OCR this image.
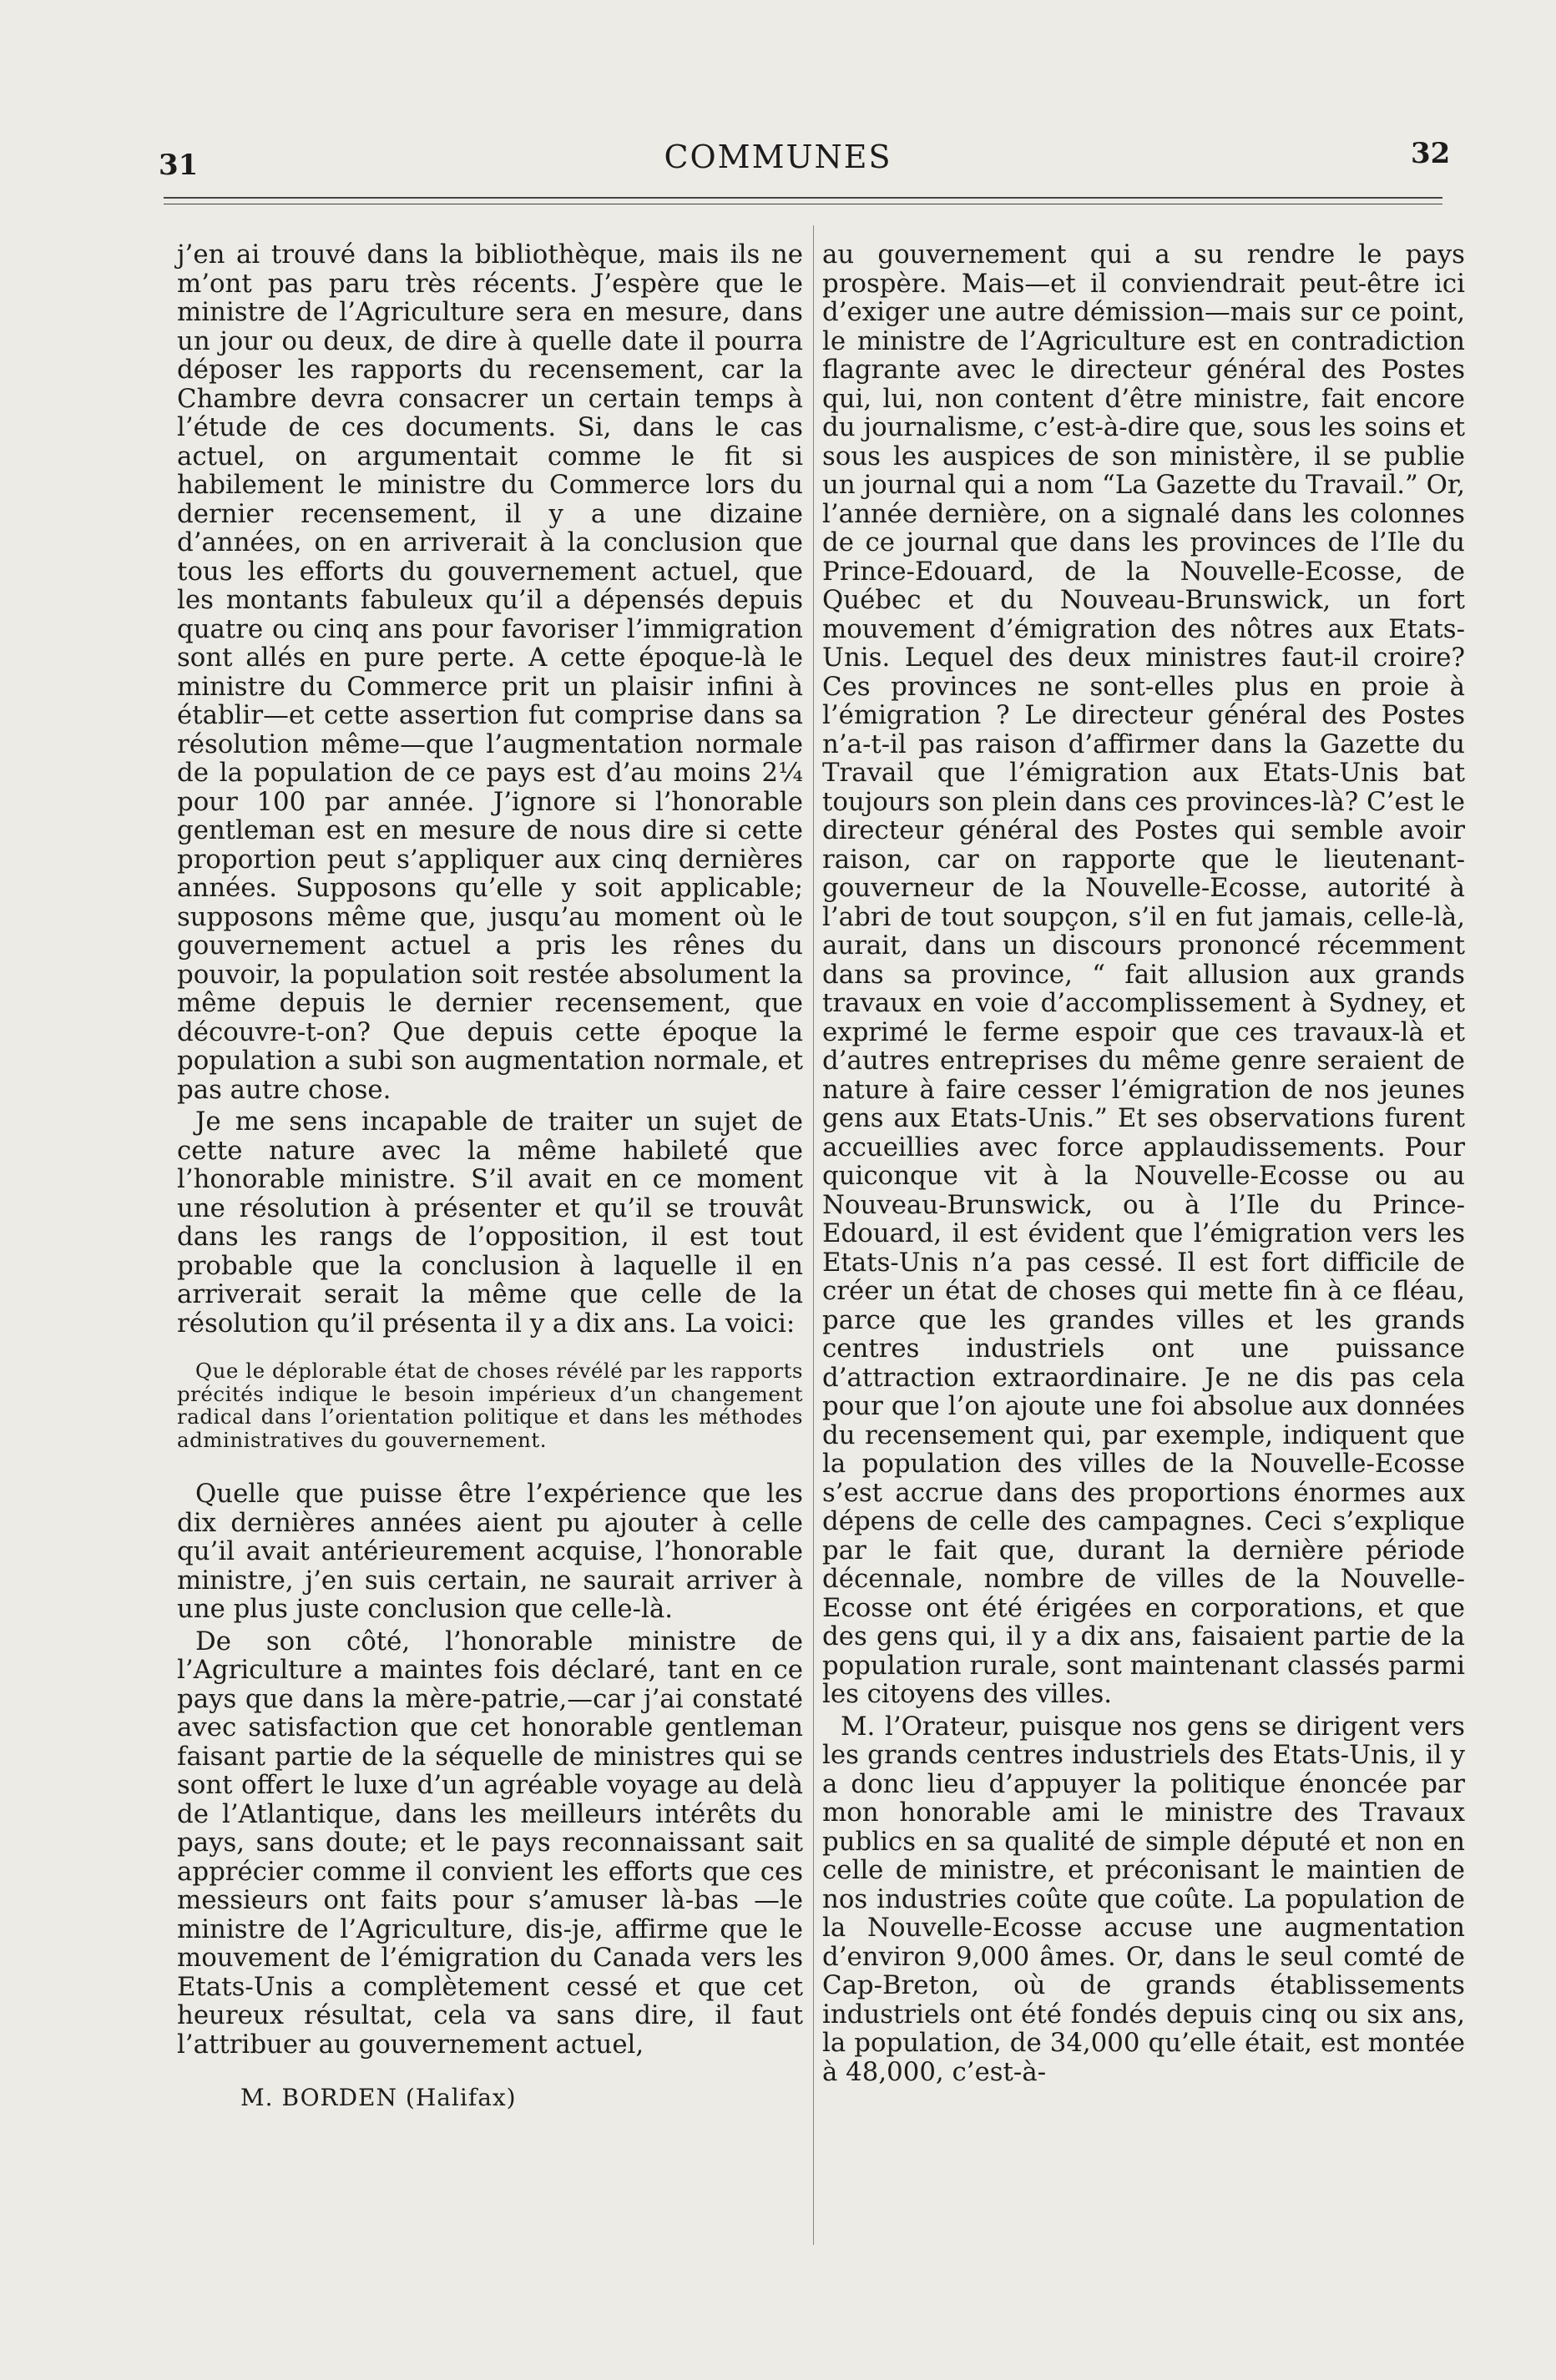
31	COMMUNES	32

j’en ai trouvé dans la bibliothèque, mais ils ne m’ont pas paru très récents. J’espère que le ministre de l’Agriculture sera en mesure, dans un jour ou deux, de dire à quelle date il pourra déposer les rapports du recensement, car la Chambre devra consacrer un certain temps à l’étude de ces documents. Si, dans le cas actuel, on argumentait comme le fit si habilement le ministre du Commerce lors du dernier recensement, il y a une dizaine d’années, on en arriverait à la conclusion que tous les efforts du gouvernement actuel, que les montants fabuleux qu’il a dépensés depuis quatre ou cinq ans pour favoriser l’immigration sont allés en pure perte. A cette époque-là le ministre du Commerce prit un plaisir infini à établir—et cette assertion fut comprise dans sa résolution même—que l’augmentation normale de la population de ce pays est d’au moins 2¼ pour 100 par année. J’ignore si l’honorable gentleman est en mesure de nous dire si cette proportion peut s’appliquer aux cinq dernières années. Supposons qu’elle y soit applicable; supposons même que, jusqu’au moment où le gouvernement actuel a pris les rênes du pouvoir, la population soit restée absolument la même depuis le dernier recensement, que découvre-t-on? Que depuis cette époque la population a subi son augmentation normale, et pas autre chose.

Je me sens incapable de traiter un sujet de cette nature avec la même habileté que l’honorable ministre. S’il avait en ce moment une résolution à présenter et qu’il se trouvât dans les rangs de l’opposition, il est tout probable que la conclusion à laquelle il en arriverait serait la même que celle de la résolution qu’il présenta il y a dix ans. La voici:

Que le déplorable état de choses révélé par les rapports précités indique le besoin impérieux d’un changement radical dans l’orientation politique et dans les méthodes administratives du gouvernement.

Quelle que puisse être l’expérience que les dix dernières années aient pu ajouter à celle qu’il avait antérieurement acquise, l’honorable ministre, j’en suis certain, ne saurait arriver à une plus juste conclusion que celle-là.

De son côté, l’honorable ministre de l’Agriculture a maintes fois déclaré, tant en ce pays que dans la mère-patrie,—car j’ai constaté avec satisfaction que cet honorable gentleman faisant partie de la séquelle de ministres qui se sont offert le luxe d’un agréable voyage au delà de l’Atlantique, dans les meilleurs intérêts du pays, sans doute; et le pays reconnaissant sait apprécier comme il convient les efforts que ces messieurs ont faits pour s’amuser là-bas —le ministre de l’Agriculture, dis-je, affirme que le mouvement de l’émigration du Canada vers les Etats-Unis a complètement cessé et que cet heureux résultat, cela va sans dire, il faut l’attribuer au gouvernement actuel,

M. BORDEN (Halifax)

au gouvernement qui a su rendre le pays prospère. Mais—et il conviendrait peut-être ici d’exiger une autre démission—mais sur ce point, le ministre de l’Agriculture est en contradiction flagrante avec le directeur général des Postes qui, lui, non content d’être ministre, fait encore du journalisme, c’est-à-dire que, sous les soins et sous les auspices de son ministère, il se publie un journal qui a nom “La Gazette du Travail.” Or, l’année dernière, on a signalé dans les colonnes de ce journal que dans les provinces de l’Ile du Prince-Edouard, de la Nouvelle-Ecosse, de Québec et du Nouveau-Brunswick, un fort mouvement d’émigration des nôtres aux Etats-Unis. Lequel des deux ministres faut-il croire? Ces provinces ne sont-elles plus en proie à l’émigration ? Le directeur général des Postes n’a-t-il pas raison d’affirmer dans la Gazette du Travail que l’émigration aux Etats-Unis bat toujours son plein dans ces provinces-là? C’est le directeur général des Postes qui semble avoir raison, car on rapporte que le lieutenant-gouverneur de la Nouvelle-Ecosse, autorité à l’abri de tout soupçon, s’il en fut jamais, celle-là, aurait, dans un discours prononcé récemment dans sa province, “ fait allusion aux grands travaux en voie d’accomplissement à Sydney, et exprimé le ferme espoir que ces travaux-là et d’autres entreprises du même genre seraient de nature à faire cesser l’émigration de nos jeunes gens aux Etats-Unis.” Et ses observations furent accueillies avec force applaudissements. Pour quiconque vit à la Nouvelle-Ecosse ou au Nouveau-Brunswick, ou à l’Ile du Prince-Edouard, il est évident que l’émigration vers les Etats-Unis n’a pas cessé. Il est fort difficile de créer un état de choses qui mette fin à ce fléau, parce que les grandes villes et les grands centres industriels ont une puissance d’attraction extraordinaire. Je ne dis pas cela pour que l’on ajoute une foi absolue aux données du recensement qui, par exemple, indiquent que la population des villes de la Nouvelle-Ecosse s’est accrue dans des proportions énormes aux dépens de celle des campagnes. Ceci s’explique par le fait que, durant la dernière période décennale, nombre de villes de la Nouvelle-Ecosse ont été érigées en corporations, et que des gens qui, il y a dix ans, faisaient partie de la population rurale, sont maintenant classés parmi les citoyens des villes.

M. l’Orateur, puisque nos gens se dirigent vers les grands centres industriels des Etats-Unis, il y a donc lieu d’appuyer la politique énoncée par mon honorable ami le ministre des Travaux publics en sa qualité de simple député et non en celle de ministre, et préconisant le maintien de nos industries coûte que coûte. La population de la Nouvelle-Ecosse accuse une augmentation d’environ 9,000 âmes. Or, dans le seul comté de Cap-Breton, où de grands établissements industriels ont été fondés depuis cinq ou six ans, la population, de 34,000 qu’elle était, est montée à 48,000, c’est-à-
